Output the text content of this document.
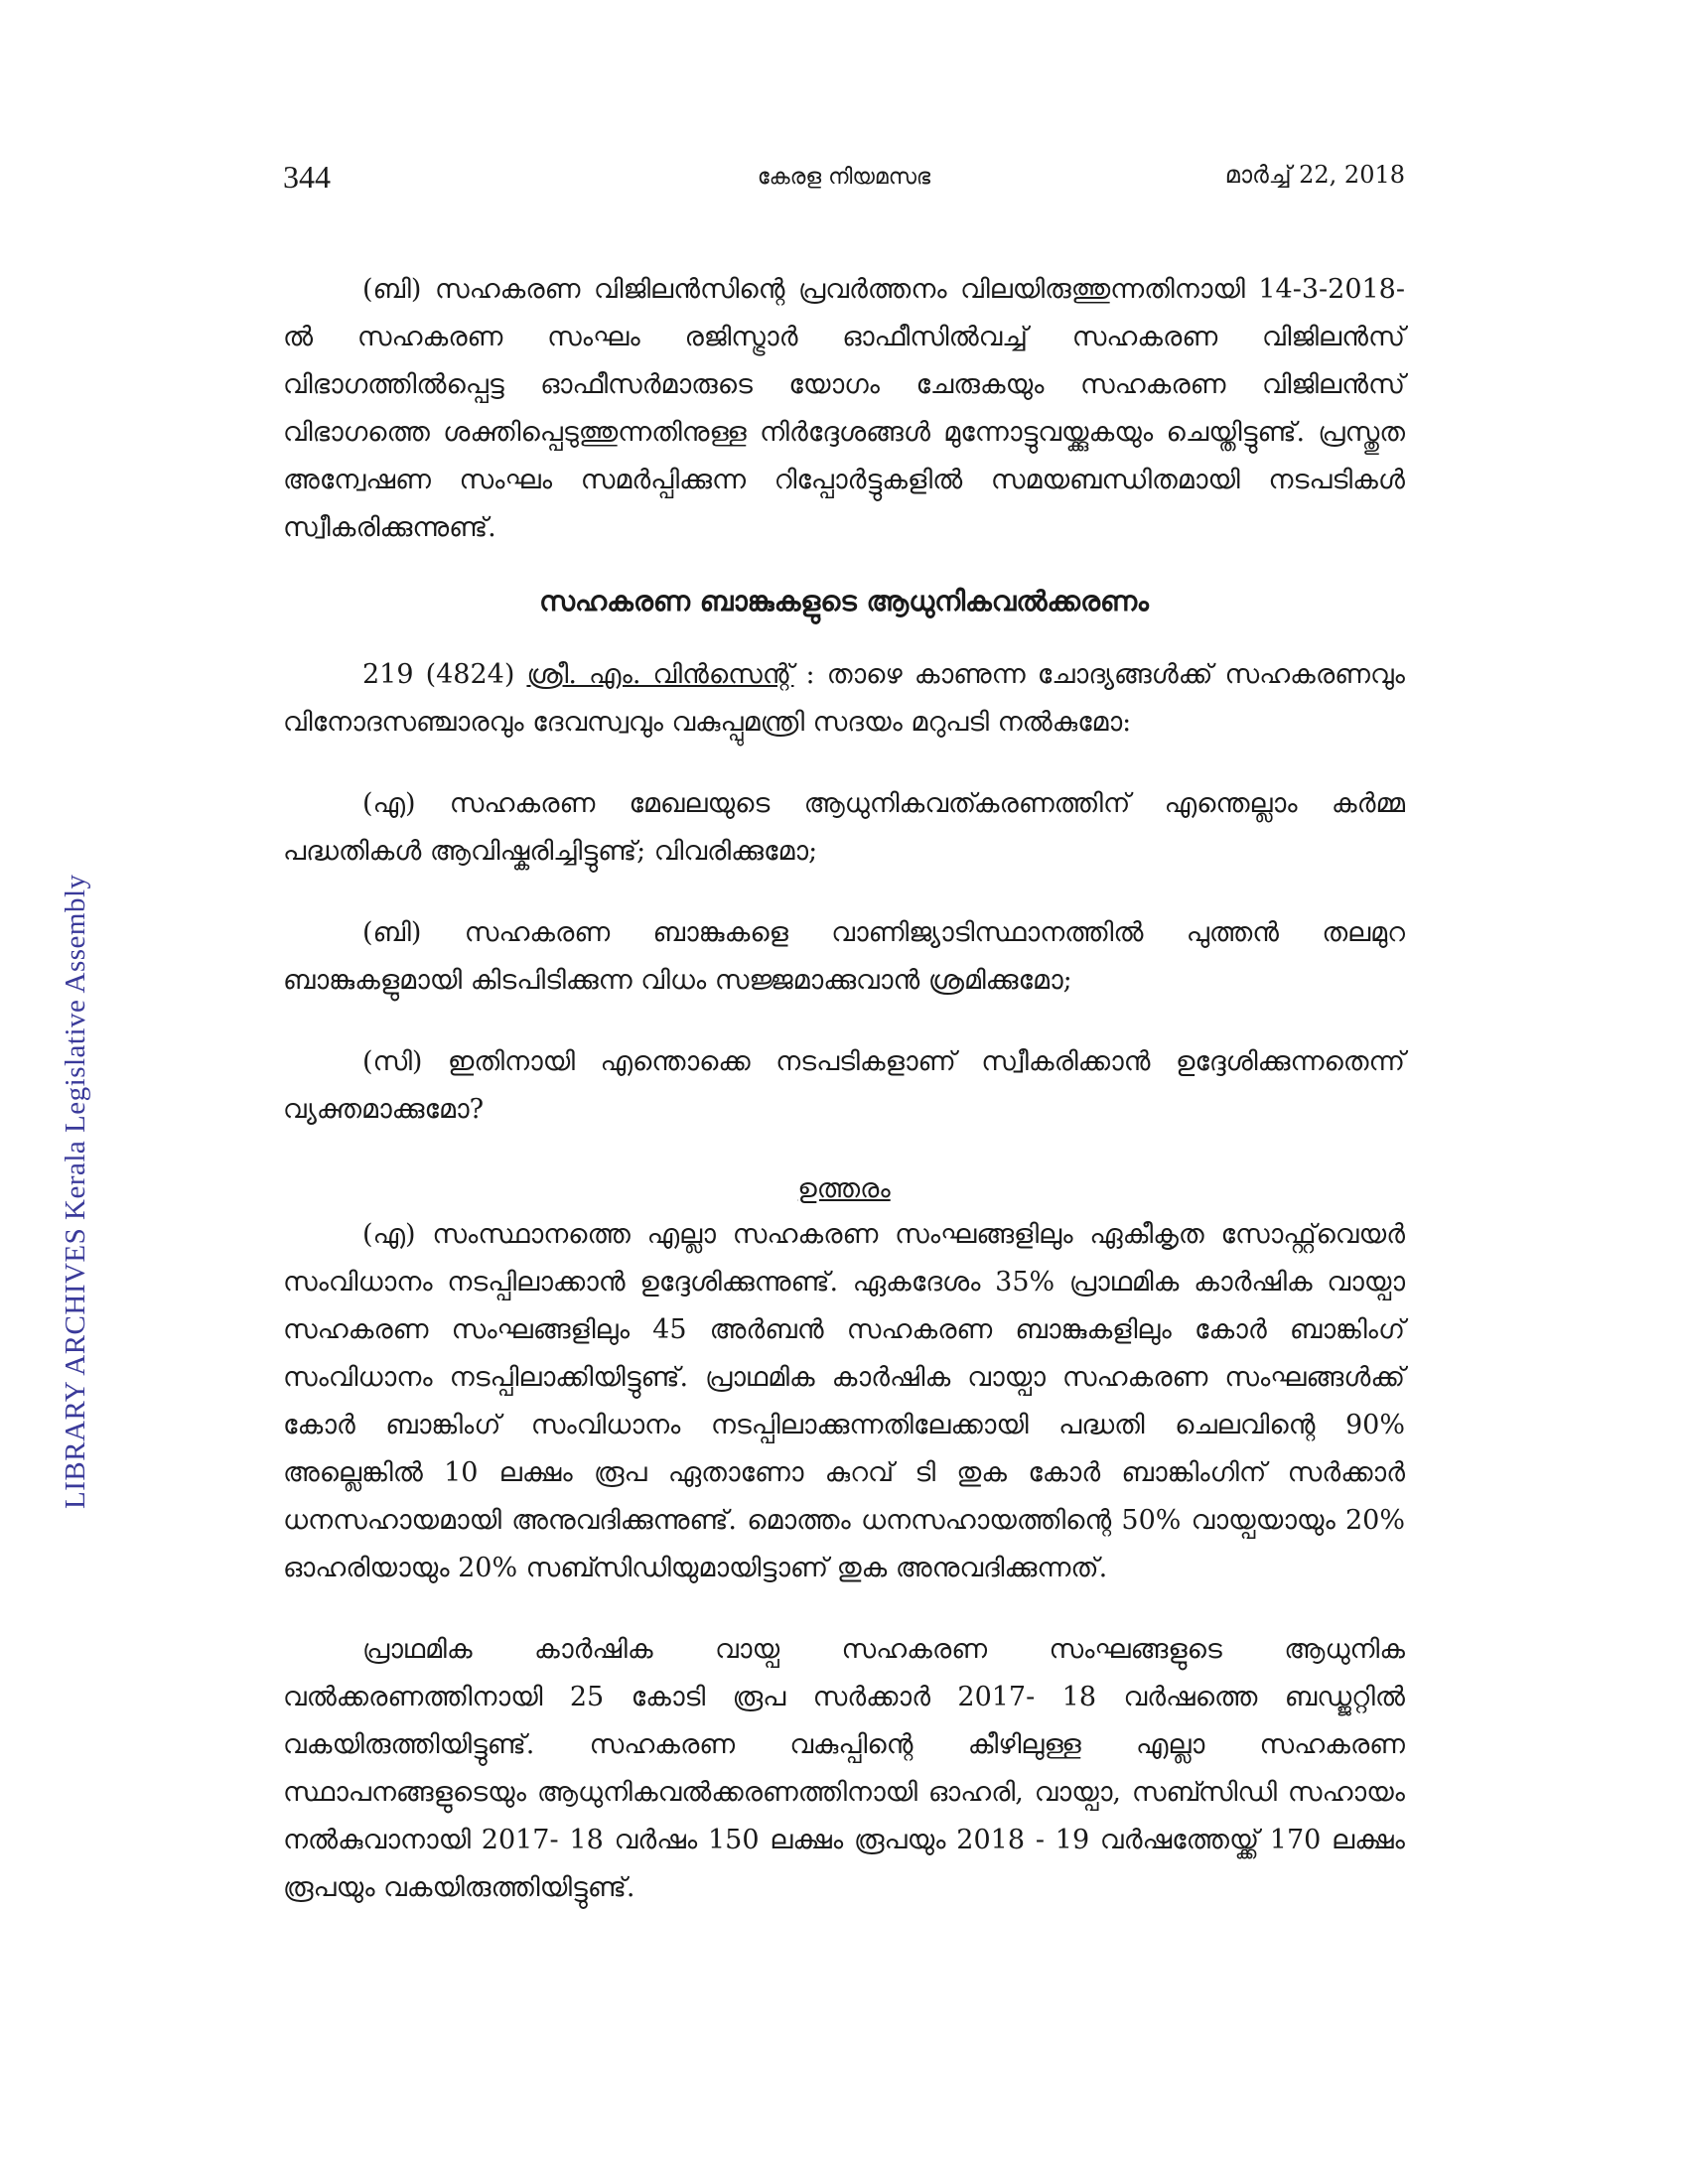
344	കേരള നിയമസഭ	മാർച്ച് 22, 2018
LIBRARY ARCHIVES Kerala Legislative Assembly

(ബി) സഹകരണ വിജിലൻസിന്റെ പ്രവർത്തനം വിലയിരുത്തുന്നതിനായി 14-3-2018-ൽ സഹകരണ സംഘം രജിസ്ട്രാർ ഓഫീസിൽവച്ച് സഹകരണ വിജിലൻസ് വിഭാഗത്തിൽപ്പെട്ട ഓഫീസർമാരുടെ യോഗം ചേരുകയും സഹകരണ വിജിലൻസ് വിഭാഗത്തെ ശക്തിപ്പെടുത്തുന്നതിനുള്ള നിർദ്ദേശങ്ങൾ മുന്നോട്ടുവയ്ക്കുകയും ചെയ്തിട്ടുണ്ട്. പ്രസ്തുത അന്വേഷണ സംഘം സമർപ്പിക്കുന്ന റിപ്പോർട്ടുകളിൽ സമയബന്ധിതമായി നടപടികൾ സ്വീകരിക്കുന്നുണ്ട്.

സഹകരണ ബാങ്കുകളുടെ ആധുനികവൽക്കരണം

219 (4824) ശ്രീ. എം. വിൻസെന്റ് : താഴെ കാണുന്ന ചോദ്യങ്ങൾക്ക് സഹകരണവും വിനോദസഞ്ചാരവും ദേവസ്വവും വകുപ്പുമന്ത്രി സദയം മറുപടി നൽകുമോ:

(എ) സഹകരണ മേഖലയുടെ ആധുനികവത്കരണത്തിന് എന്തെല്ലാം കർമ്മ പദ്ധതികൾ ആവിഷ്കരിച്ചിട്ടുണ്ട്; വിവരിക്കുമോ;

(ബി) സഹകരണ ബാങ്കുകളെ വാണിജ്യാടിസ്ഥാനത്തിൽ പുത്തൻ തലമുറ ബാങ്കുകളുമായി കിടപിടിക്കുന്ന വിധം സജ്ജമാക്കുവാൻ ശ്രമിക്കുമോ;

(സി) ഇതിനായി എന്തൊക്കെ നടപടികളാണ് സ്വീകരിക്കാൻ ഉദ്ദേശിക്കുന്നതെന്ന് വ്യക്തമാക്കുമോ?

ഉത്തരം

(എ) സംസ്ഥാനത്തെ എല്ലാ സഹകരണ സംഘങ്ങളിലും ഏകീകൃത സോഫ്റ്റ്‌വെയർ സംവിധാനം നടപ്പിലാക്കാൻ ഉദ്ദേശിക്കുന്നുണ്ട്. ഏകദേശം 35% പ്രാഥമിക കാർഷിക വായ്പാ സഹകരണ സംഘങ്ങളിലും 45 അർബൻ സഹകരണ ബാങ്കുകളിലും കോർ ബാങ്കിംഗ് സംവിധാനം നടപ്പിലാക്കിയിട്ടുണ്ട്. പ്രാഥമിക കാർഷിക വായ്പാ സഹകരണ സംഘങ്ങൾക്ക് കോർ ബാങ്കിംഗ് സംവിധാനം നടപ്പിലാക്കുന്നതിലേക്കായി പദ്ധതി ചെലവിന്റെ 90% അല്ലെങ്കിൽ 10 ലക്ഷം രൂപ ഏതാണോ കുറവ് ടി തുക കോർ ബാങ്കിംഗിന് സർക്കാർ ധനസഹായമായി അനുവദിക്കുന്നുണ്ട്. മൊത്തം ധനസഹായത്തിന്റെ 50% വായ്പയായും 20% ഓഹരിയായും 20% സബ്സിഡിയുമായിട്ടാണ് തുക അനുവദിക്കുന്നത്.

പ്രാഥമിക കാർഷിക വായ്പ സഹകരണ സംഘങ്ങളുടെ ആധുനിക വൽക്കരണത്തിനായി 25 കോടി രൂപ സർക്കാർ 2017- 18 വർഷത്തെ ബഡ്ജറ്റിൽ വകയിരുത്തിയിട്ടുണ്ട്. സഹകരണ വകുപ്പിന്റെ കീഴിലുള്ള എല്ലാ സഹകരണ സ്ഥാപനങ്ങളുടെയും ആധുനികവൽക്കരണത്തിനായി ഓഹരി, വായ്പാ, സബ്സിഡി സഹായം നൽകുവാനായി 2017- 18 വർഷം 150 ലക്ഷം രൂപയും 2018 - 19 വർഷത്തേയ്ക്ക് 170 ലക്ഷം രൂപയും വകയിരുത്തിയിട്ടുണ്ട്.
